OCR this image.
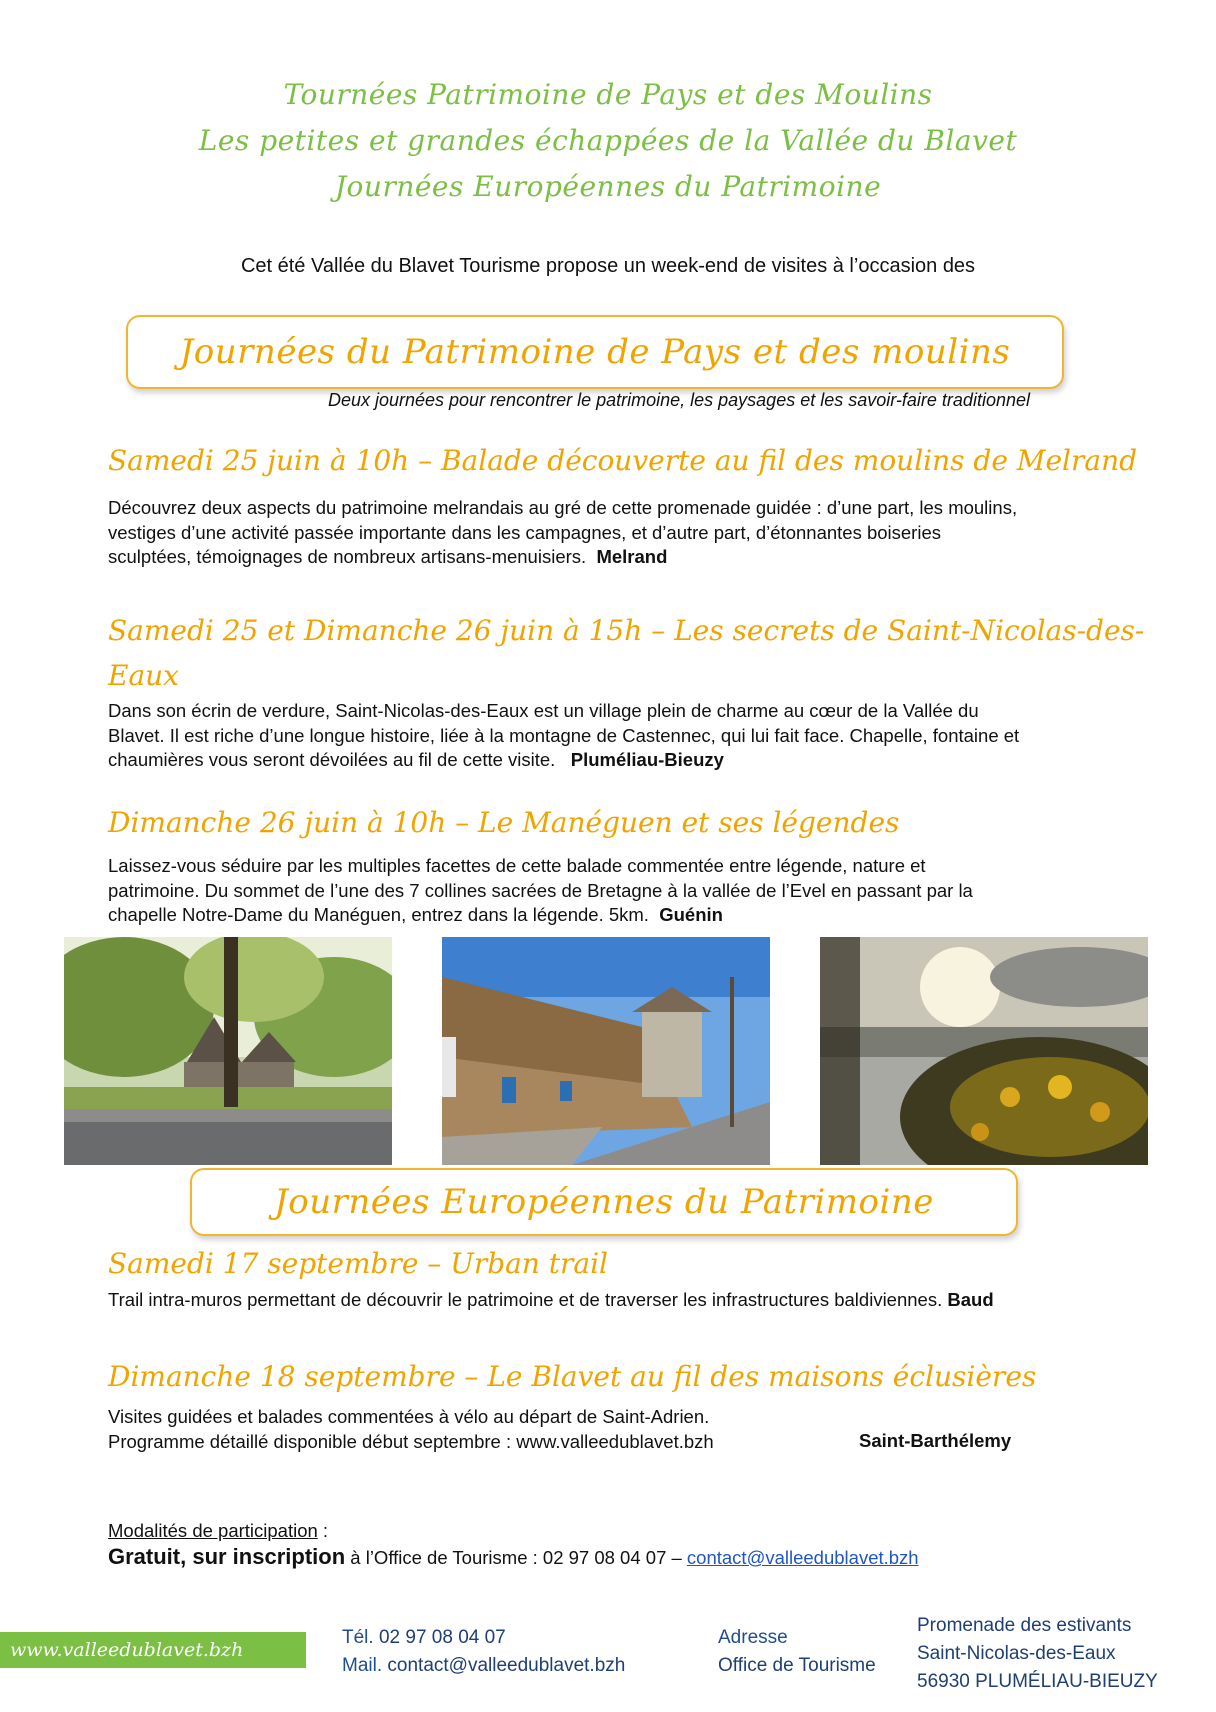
Tournées Patrimoine de Pays et des Moulins
Les petites et grandes échappées de la Vallée du Blavet
Journées Européennes du Patrimoine
Cet été Vallée du Blavet Tourisme propose un week-end de visites à l’occasion des
Journées du Patrimoine de Pays et des moulins
Deux journées pour rencontrer le patrimoine, les paysages et les savoir-faire traditionnel
Samedi 25 juin à 10h – Balade découverte au fil des moulins de Melrand
Découvrez deux aspects du patrimoine melrandais au gré de cette promenade guidée : d’une part, les moulins,
vestiges d’une activité passée importante dans les campagnes, et d’autre part, d’étonnantes boiseries
sculptées, témoignages de nombreux artisans-menuisiers. Melrand
Samedi 25 et Dimanche 26 juin à 15h – Les secrets de Saint-Nicolas-des-
Eaux
Dans son écrin de verdure, Saint-Nicolas-des-Eaux est un village plein de charme au cœur de la Vallée du
Blavet. Il est riche d’une longue histoire, liée à la montagne de Castennec, qui lui fait face. Chapelle, fontaine et
chaumières vous seront dévoilées au fil de cette visite. Pluméliau-Bieuzy
Dimanche 26 juin à 10h – Le Manéguen et ses légendes
Laissez-vous séduire par les multiples facettes de cette balade commentée entre légende, nature et
patrimoine. Du sommet de l’une des 7 collines sacrées de Bretagne à la vallée de l’Evel en passant par la
chapelle Notre-Dame du Manéguen, entrez dans la légende. 5km. Guénin
Journées Européennes du Patrimoine
Samedi 17 septembre – Urban trail
Trail intra-muros permettant de découvrir le patrimoine et de traverser les infrastructures baldiviennes. Baud
Dimanche 18 septembre – Le Blavet au fil des maisons éclusières
Visites guidées et balades commentées à vélo au départ de Saint-Adrien.
Programme détaillé disponible début septembre : www.valleedublavet.bzh	Saint-Barthélemy
Modalités de participation :
Gratuit, sur inscription à l’Office de Tourisme : 02 97 08 04 07 – contact@valleedublavet.bzh
www.valleedublavet.bzh
Tél. 02 97 08 04 07
Mail. contact@valleedublavet.bzh
Adresse
Office de Tourisme
Promenade des estivants
Saint-Nicolas-des-Eaux
56930 PLUMÉLIAU-BIEUZY
